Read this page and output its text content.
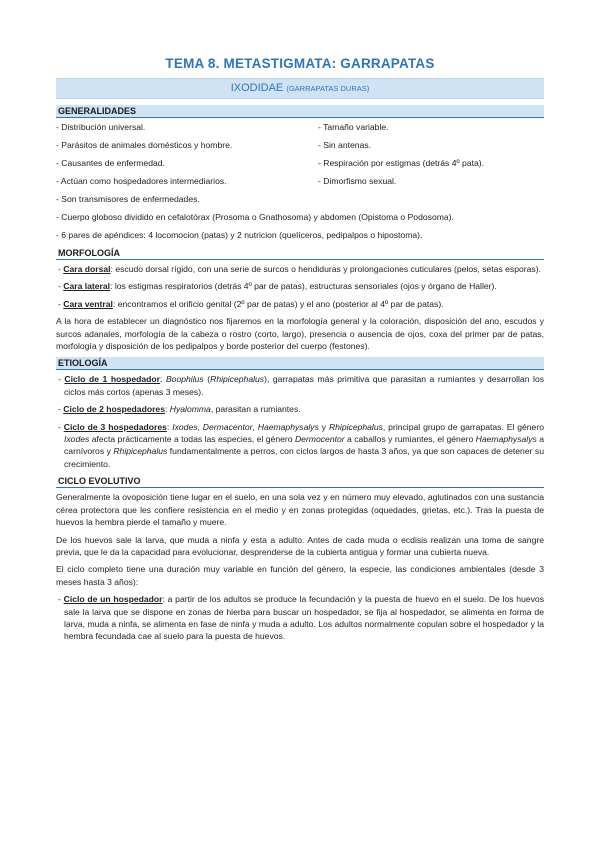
TEMA 8. METASTIGMATA: GARRAPATAS
IXODIDAE (GARRAPATAS DURAS)
GENERALIDADES
- Distribución universal.
- Parásitos de animales domésticos y hombre.
- Causantes de enfermedad.
- Actúan como hospedadores intermediarios.
- Tamaño variable.
- Sin antenas.
- Respiración por estigmas (detrás 4º pata).
- Dimorfismo sexual.
- Son transmisores de enfermedades.
- Cuerpo globoso dividido en cefalotórax (Prosoma o Gnathosoma) y abdomen (Opistoma o Podosoma).
- 6 pares de apéndices: 4 locomocion (patas) y 2 nutricion (quelíceros, pedipalpos o hipostoma).
MORFOLOGÍA
- Cara dorsal: escudo dorsal rígido, con una serie de surcos o hendiduras y prolongaciones cuticulares (pelos, setas esporas).
- Cara lateral: los estigmas respiratorios (detrás 4º par de patas), estructuras sensoriales (ojos y órgano de Haller).
- Cara ventral: encontramos el orificio genital (2º par de patas) y el ano (posterior al 4º par de patas).
A la hora de establecer un diagnóstico nos fijaremos en la morfología general y la coloración, disposición del ano, escudos y surcos adanales, morfología de la cabeza o rostro (corto, largo), presencia o ausencia de ojos, coxa del primer par de patas, morfología y disposición de los pedipalpos y borde posterior del cuerpo (festones).
ETIOLOGÍA
- Ciclo de 1 hospedador: Boophilus (Rhipicephalus), garrapatas más primitiva que parasitan a rumiantes y desarrollan los ciclos más cortos (apenas 3 meses).
- Ciclo de 2 hospedadores: Hyalomma, parasitan a rumiantes.
- Ciclo de 3 hospedadores: Ixodes, Dermacentor, Haemaphysalys y Rhipicephalus, principal grupo de garrapatas. El género Ixodes afecta prácticamente a todas las especies, el género Dermocentor a caballos y rumiantes, el género Haemaphysalys a carnívoros y Rhipicephalus fundamentalmente a perros, con ciclos largos de hasta 3 años, ya que son capaces de detener su crecimiento.
CICLO EVOLUTIVO
Generalmente la ovoposición tiene lugar en el suelo, en una sola vez y en número muy elevado, aglutinados con una sustancia cérea protectora que les confiere resistencia en el medio y en zonas protegidas (oquedades, grietas, etc.). Tras la puesta de huevos la hembra pierde el tamaño y muere.
De los huevos sale la larva, que muda a ninfa y esta a adulto. Antes de cada muda o ecdisis realizan una toma de sangre previa, que le da la capacidad para evolucionar, desprenderse de la cubierta antigua y formar una cubierta nueva.
El ciclo completo tiene una duración muy variable en función del género, la especie, las condiciones ambientales (desde 3 meses hasta 3 años):
- Ciclo de un hospedador: a partir de los adultos se produce la fecundación y la puesta de huevo en el suelo. De los huevos sale la larva que se dispone en zonas de hierba para buscar un hospedador, se fija al hospedador, se alimenta en forma de larva, muda a ninfa, se alimenta en fase de ninfa y muda a adulto. Los adultos normalmente copulan sobre el hospedador y la hembra fecundada cae al suelo para la puesta de huevos.
